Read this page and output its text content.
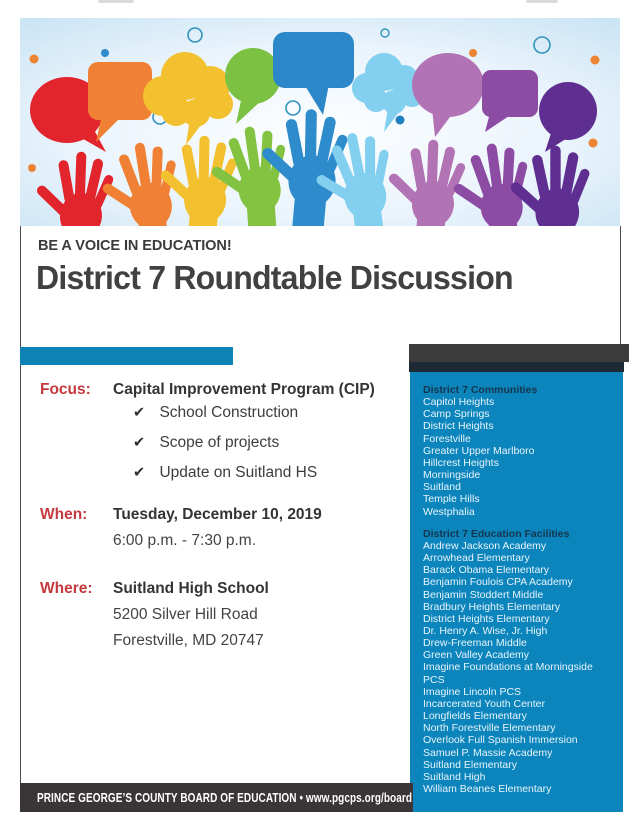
BE A VOICE IN EDUCATION!
District 7 Roundtable Discussion
Focus: Capital Improvement Program (CIP)
✔ School Construction
✔ Scope of projects
✔ Update on Suitland HS
When: Tuesday, December 10, 2019
6:00 p.m. - 7:30 p.m.
Where: Suitland High School
5200 Silver Hill Road
Forestville, MD 20747
District 7 Communities
Capitol Heights
Camp Springs
District Heights
Forestville
Greater Upper Marlboro
Hillcrest Heights
Morningside
Suitland
Temple Hills
Westphalia
District 7 Education Facilities
Andrew Jackson Academy
Arrowhead Elementary
Barack Obama Elementary
Benjamin Foulois CPA Academy
Benjamin Stoddert Middle
Bradbury Heights Elementary
District Heights Elementary
Dr. Henry A. Wise, Jr. High
Drew-Freeman Middle
Green Valley Academy
Imagine Foundations at Morningside PCS
Imagine Lincoln PCS
Incarcerated Youth Center
Longfields Elementary
North Forestville Elementary
Overlook Full Spanish Immersion
Samuel P. Massie Academy
Suitland Elementary
Suitland High
William Beanes Elementary
PRINCE GEORGE’S COUNTY BOARD OF EDUCATION • www.pgcps.org/board
